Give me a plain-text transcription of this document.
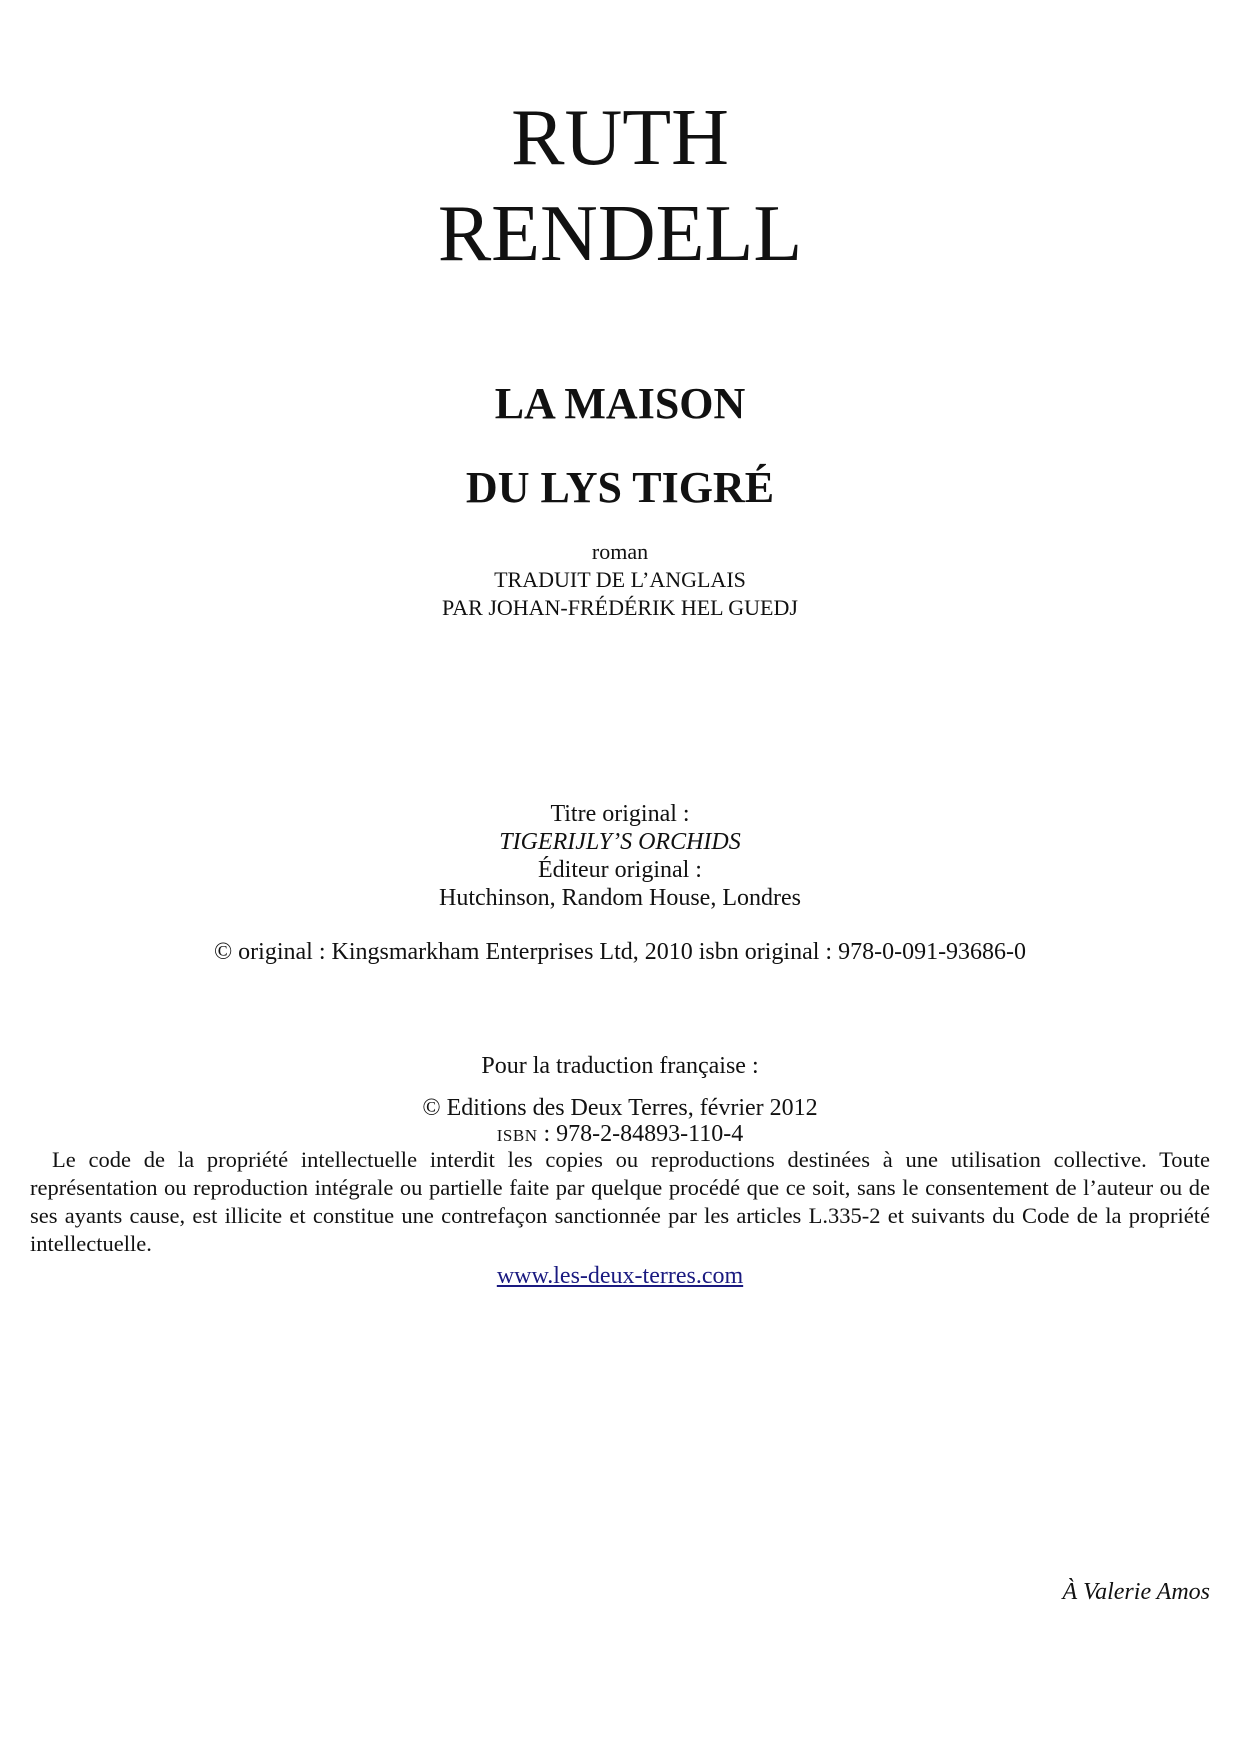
RUTH
RENDELL
LA MAISON
DU LYS TIGRÉ
roman
TRADUIT DE L’ANGLAIS
PAR JOHAN-FRÉDÉRIK HEL GUEDJ
Titre original :
TIGERIJLY’S ORCHIDS
Éditeur original :
Hutchinson, Random House, Londres
© original : Kingsmarkham Enterprises Ltd, 2010 isbn original : 978-0-091-93686-0
Pour la traduction française :
© Editions des Deux Terres, février 2012
ISBN : 978-2-84893-110-4

Le code de la propriété intellectuelle interdit les copies ou reproductions destinées à une utilisation collective. Toute représentation ou reproduction intégrale ou partielle faite par quelque procédé que ce soit, sans le consentement de l’auteur ou de ses ayants cause, est illicite et constitue une contrefaçon sanctionnée par les articles L.335-2 et suivants du Code de la propriété intellectuelle.

www.les-deux-terres.com
À Valerie Amos
